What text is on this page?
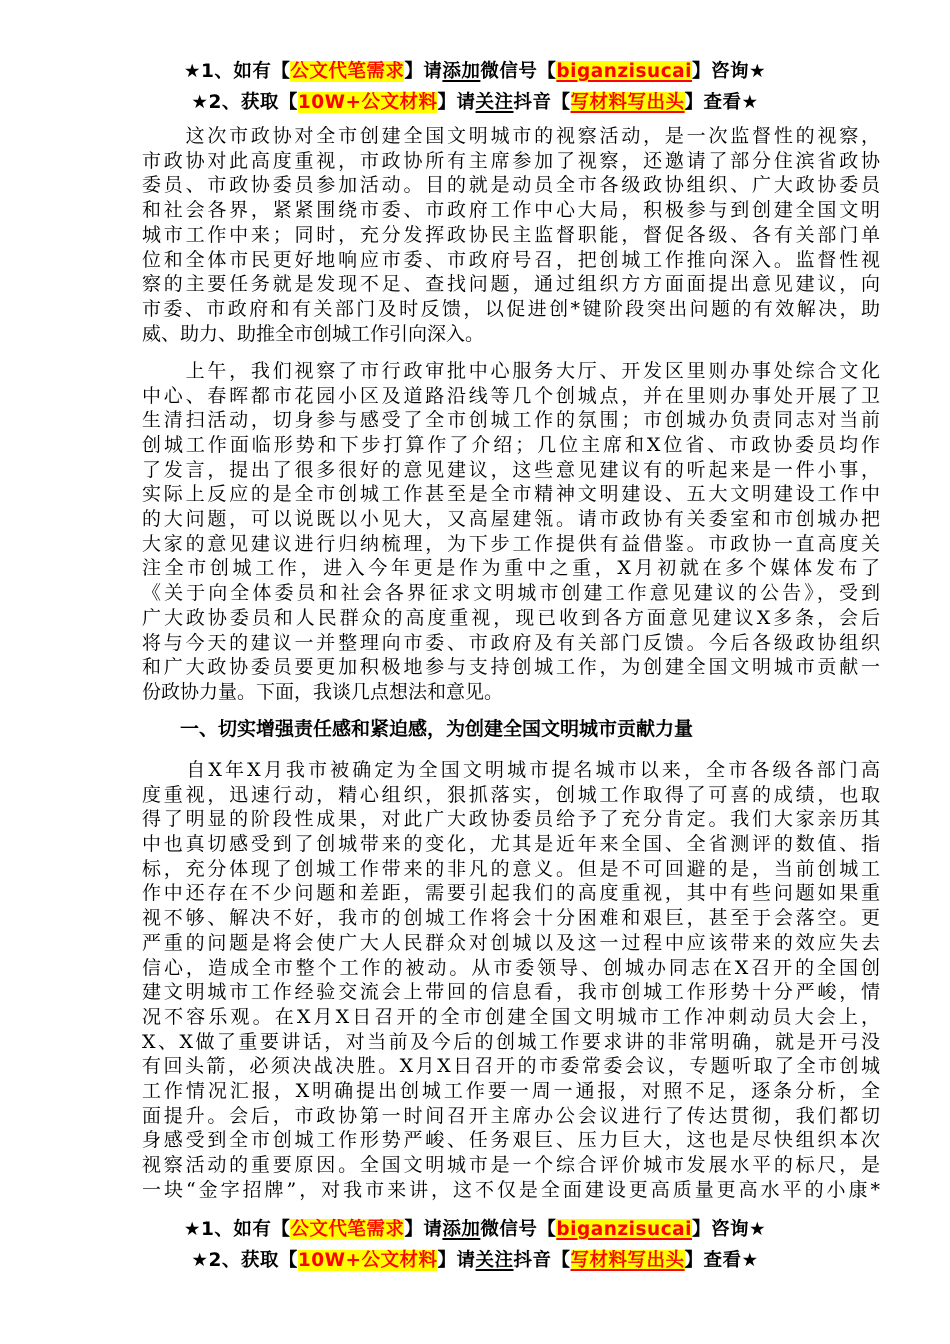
★1、如有【公文代笔需求】请添加微信号【biganzisucai】咨询★
★2、获取【10W+公文材料】请关注抖音【写材料写出头】查看★
　　这次市政协对全市创建全国文明城市的视察活动，是一次监督性的视察，
市政协对此高度重视，市政协所有主席参加了视察，还邀请了部分住滨省政协
委员、市政协委员参加活动。目的就是动员全市各级政协组织、广大政协委员
和社会各界，紧紧围绕市委、市政府工作中心大局，积极参与到创建全国文明
城市工作中来；同时，充分发挥政协民主监督职能，督促各级、各有关部门单
位和全体市民更好地响应市委、市政府号召，把创城工作推向深入。监督性视
察的主要任务就是发现不足、查找问题，通过组织方方面面提出意见建议，向
市委、市政府和有关部门及时反馈，以促进创*键阶段突出问题的有效解决，助
威、助力、助推全市创城工作引向深入。
　　上午，我们视察了市行政审批中心服务大厅、开发区里则办事处综合文化
中心、春晖都市花园小区及道路沿线等几个创城点，并在里则办事处开展了卫
生清扫活动，切身参与感受了全市创城工作的氛围；市创城办负责同志对当前
创城工作面临形势和下步打算作了介绍；几位主席和X位省、市政协委员均作
了发言，提出了很多很好的意见建议，这些意见建议有的听起来是一件小事，
实际上反应的是全市创城工作甚至是全市精神文明建设、五大文明建设工作中
的大问题，可以说既以小见大，又高屋建瓴。请市政协有关委室和市创城办把
大家的意见建议进行归纳梳理，为下步工作提供有益借鉴。市政协一直高度关
注全市创城工作，进入今年更是作为重中之重，X月初就在多个媒体发布了
《关于向全体委员和社会各界征求文明城市创建工作意见建议的公告》，受到
广大政协委员和人民群众的高度重视，现已收到各方面意见建议X多条，会后
将与今天的建议一并整理向市委、市政府及有关部门反馈。今后各级政协组织
和广大政协委员要更加积极地参与支持创城工作，为创建全国文明城市贡献一
份政协力量。下面，我谈几点想法和意见。
　　一、切实增强责任感和紧迫感，为创建全国文明城市贡献力量
　　自X年X月我市被确定为全国文明城市提名城市以来，全市各级各部门高
度重视，迅速行动，精心组织，狠抓落实，创城工作取得了可喜的成绩，也取
得了明显的阶段性成果，对此广大政协委员给予了充分肯定。我们大家亲历其
中也真切感受到了创城带来的变化，尤其是近年来全国、全省测评的数值、指
标，充分体现了创城工作带来的非凡的意义。但是不可回避的是，当前创城工
作中还存在不少问题和差距，需要引起我们的高度重视，其中有些问题如果重
视不够、解决不好，我市的创城工作将会十分困难和艰巨，甚至于会落空。更
严重的问题是将会使广大人民群众对创城以及这一过程中应该带来的效应失去
信心，造成全市整个工作的被动。从市委领导、创城办同志在X召开的全国创
建文明城市工作经验交流会上带回的信息看，我市创城工作形势十分严峻，情
况不容乐观。在X月X日召开的全市创建全国文明城市工作冲刺动员大会上，
X、X做了重要讲话，对当前及今后的创城工作要求讲的非常明确，就是开弓没
有回头箭，必须决战决胜。X月X日召开的市委常委会议，专题听取了全市创城
工作情况汇报，X明确提出创城工作要一周一通报，对照不足，逐条分析，全
面提升。会后，市政协第一时间召开主席办公会议进行了传达贯彻，我们都切
身感受到全市创城工作形势严峻、任务艰巨、压力巨大，这也是尽快组织本次
视察活动的重要原因。全国文明城市是一个综合评价城市发展水平的标尺，是
一块“金字招牌”，对我市来讲，这不仅是全面建设更高质量更高水平的小康*
★1、如有【公文代笔需求】请添加微信号【biganzisucai】咨询★
★2、获取【10W+公文材料】请关注抖音【写材料写出头】查看★
